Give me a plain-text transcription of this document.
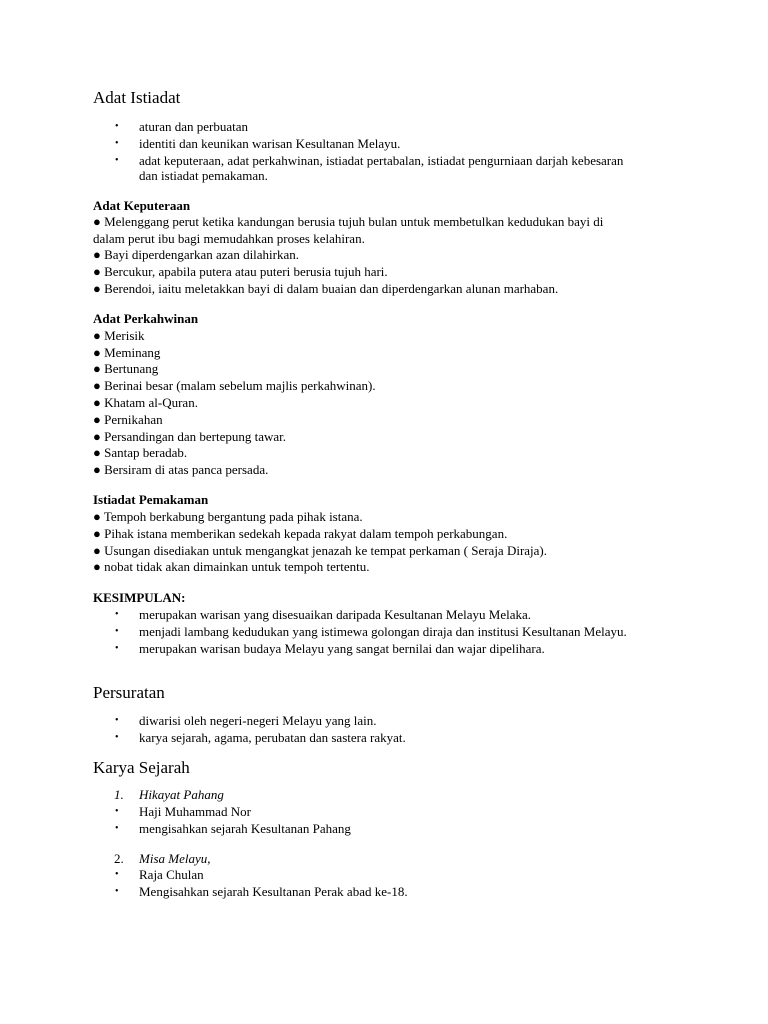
Adat Istiadat
• aturan dan perbuatan
• identiti dan keunikan warisan Kesultanan Melayu.
• adat keputeraan, adat perkahwinan, istiadat pertabalan, istiadat pengurniaan darjah kebesaran
dan istiadat pemakaman.
Adat Keputeraan
● Melenggang perut ketika kandungan berusia tujuh bulan untuk membetulkan kedudukan bayi di
dalam perut ibu bagi memudahkan proses kelahiran.
● Bayi diperdengarkan azan dilahirkan.
● Bercukur, apabila putera atau puteri berusia tujuh hari.
● Berendoi, iaitu meletakkan bayi di dalam buaian dan diperdengarkan alunan marhaban.
Adat Perkahwinan
● Merisik
● Meminang
● Bertunang
● Berinai besar (malam sebelum majlis perkahwinan).
● Khatam al-Quran.
● Pernikahan
● Persandingan dan bertepung tawar.
● Santap beradab.
● Bersiram di atas panca persada.
Istiadat Pemakaman
● Tempoh berkabung bergantung pada pihak istana.
● Pihak istana memberikan sedekah kepada rakyat dalam tempoh perkabungan.
● Usungan disediakan untuk mengangkat jenazah ke tempat perkaman ( Seraja Diraja).
● nobat tidak akan dimainkan untuk tempoh tertentu.
KESIMPULAN:
• merupakan warisan yang disesuaikan daripada Kesultanan Melayu Melaka.
• menjadi lambang kedudukan yang istimewa golongan diraja dan institusi Kesultanan Melayu.
• merupakan warisan budaya Melayu yang sangat bernilai dan wajar dipelihara.
Persuratan
• diwarisi oleh negeri-negeri Melayu yang lain.
• karya sejarah, agama, perubatan dan sastera rakyat.
Karya Sejarah
1. Hikayat Pahang
• Haji Muhammad Nor
• mengisahkan sejarah Kesultanan Pahang
2. Misa Melayu,
• Raja Chulan
• Mengisahkan sejarah Kesultanan Perak abad ke-18.
